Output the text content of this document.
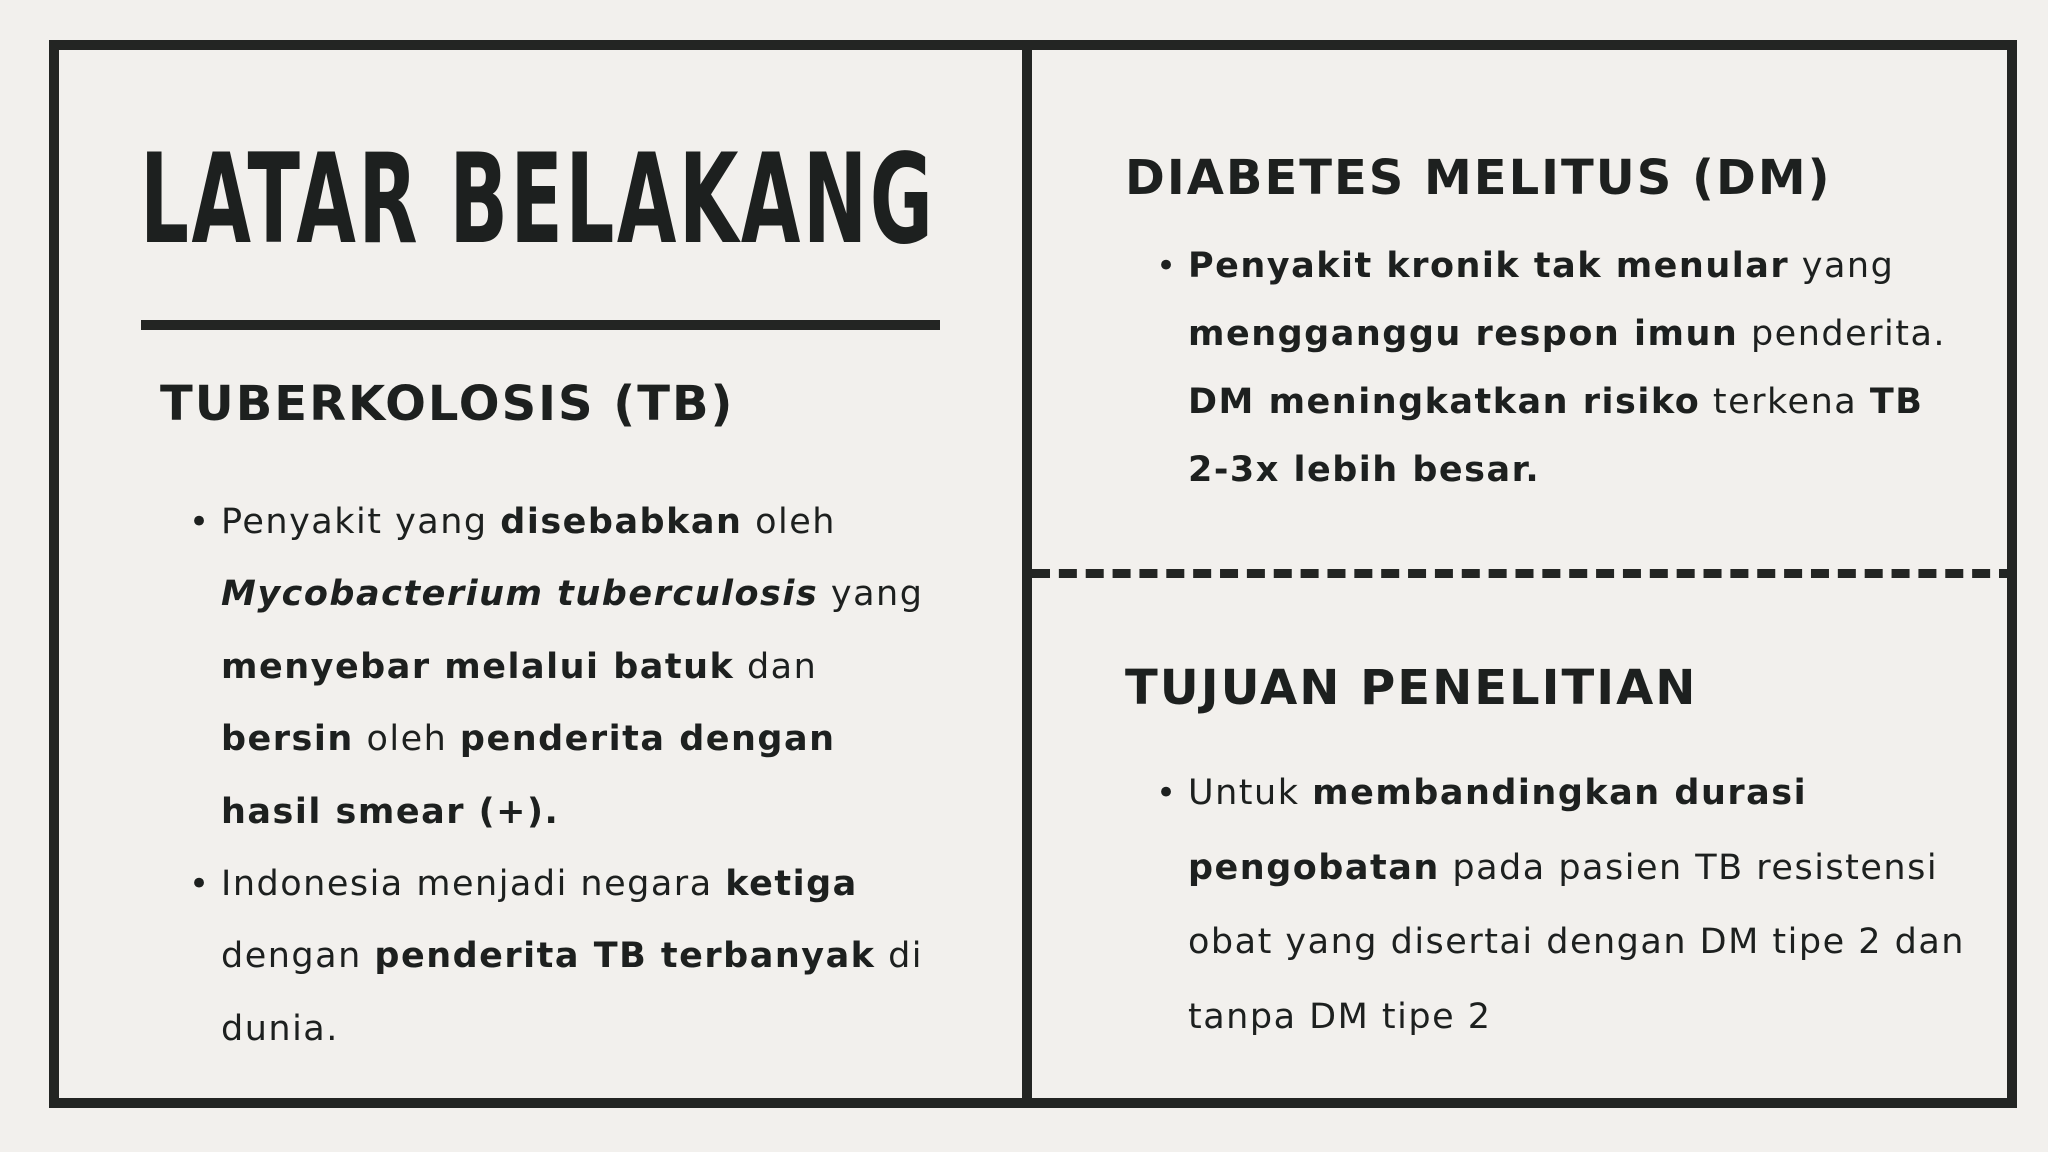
LATAR BELAKANG
TUBERKOLOSIS (TB)
• Penyakit yang disebabkan oleh Mycobacterium tuberculosis yang menyebar melalui batuk dan bersin oleh penderita dengan hasil smear (+).
• Indonesia menjadi negara ketiga dengan penderita TB terbanyak di dunia.
DIABETES MELITUS (DM)
• Penyakit kronik tak menular yang mengganggu respon imun penderita. DM meningkatkan risiko terkena TB 2-3x lebih besar.
TUJUAN PENELITIAN
• Untuk membandingkan durasi pengobatan pada pasien TB resistensi obat yang disertai dengan DM tipe 2 dan tanpa DM tipe 2
